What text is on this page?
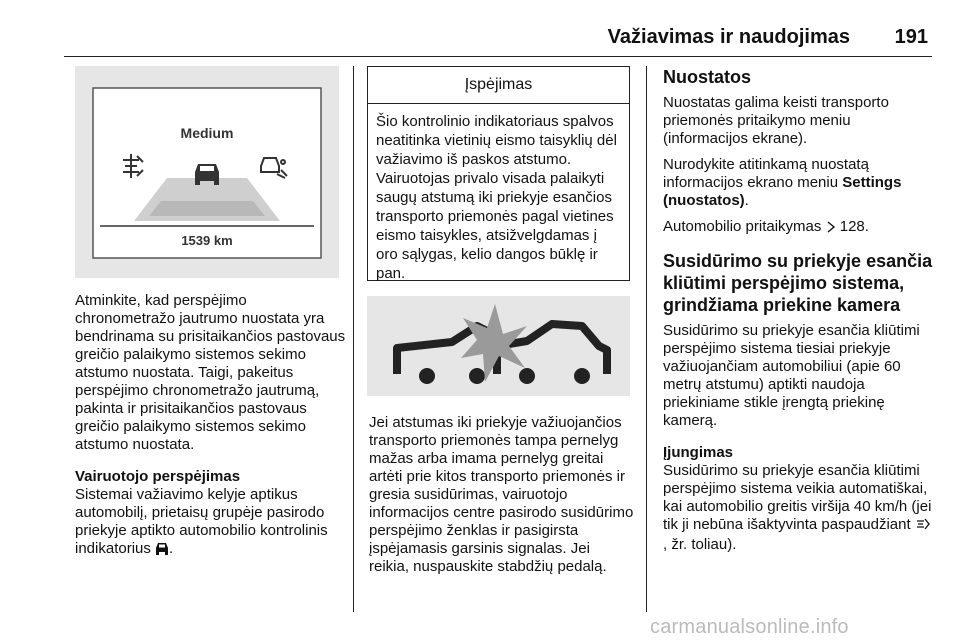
Važiavimas ir naudojimas	191
Medium
1539 km

Atminkite, kad perspėjimo chronometražo jautrumo nuostata yra bendrinama su prisitaikančios pastovaus greičio palaikymo sistemos sekimo atstumo nuostata. Taigi, pakeitus perspėjimo chronometražo jautrumą, pakinta ir prisitaikančios pastovaus greičio palaikymo sistemos sekimo atstumo nuostata.

Vairuotojo perspėjimas

Sistemai važiavimo kelyje aptikus automobilį, prietaisų grupėje pasirodo priekyje aptikto automobilio kontrolinis indikatorius .

Įspėjimas
Šio kontrolinio indikatoriaus spalvos neatitinka vietinių eismo taisyklių dėl važiavimo iš paskos atstumo. Vairuotojas privalo visada palaikyti saugų atstumą iki priekyje esančios transporto priemonės pagal vietines eismo taisykles, atsižvelgdamas į oro sąlygas, kelio dangos būklę ir pan.

Jei atstumas iki priekyje važiuojančios transporto priemonės tampa pernelyg mažas arba imama pernelyg greitai artėti prie kitos transporto priemonės ir gresia susidūrimas, vairuotojo informacijos centre pasirodo susidūrimo perspėjimo ženklas ir pasigirsta įspėjamasis garsinis signalas. Jei reikia, nuspauskite stabdžių pedalą.

Nuostatos

Nuostatas galima keisti transporto priemonės pritaikymo meniu (informacijos ekrane).

Nurodykite atitinkamą nuostatą informacijos ekrano meniu Settings (nuostatos).

Automobilio pritaikymas 128.

Susidūrimo su priekyje esančia kliūtimi perspėjimo sistema, grindžiama priekine kamera

Susidūrimo su priekyje esančia kliūtimi perspėjimo sistema tiesiai priekyje važiuojančiam automobiliui (apie 60 metrų atstumu) aptikti naudoja priekiniame stikle įrengtą priekinę kamerą.

Įjungimas

Susidūrimo su priekyje esančia kliūtimi perspėjimo sistema veikia automatiškai, kai automobilio greitis viršija 40 km/h (jei tik ji nebūna išaktyvinta paspaudžiant , žr. toliau).

carmanualsonline.info
